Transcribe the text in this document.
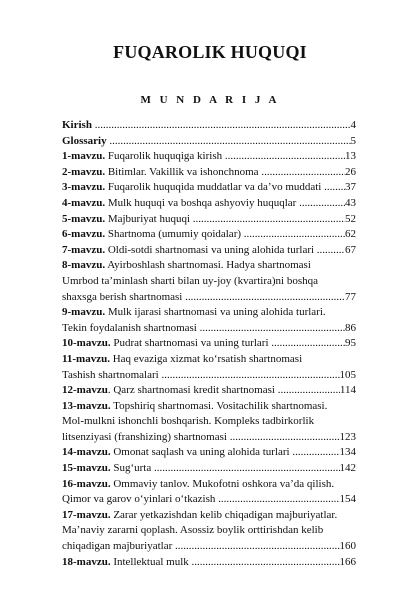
FUQAROLIK HUQUQI
M U N D A R I J A
Kirish .....	4
Glossariy .....	5
1-mavzu. Fuqarolik huquqiga kirish .....	13
2-mavzu. Bitimlar. Vakillik va ishonchnoma .....	26
3-mavzu. Fuqarolik huquqida muddatlar va da’vo muddati .....	37
4-mavzu. Mulk huquqi va boshqa ashyoviy huquqlar .....	43
5-mavzu. Majburiyat huquqi .....	52
6-mavzu. Shartnoma (umumiy qoidalar) .....	62
7-mavzu. Oldi-sotdi shartnomasi va uning alohida turlari .....	67
8-mavzu. Ayirboshlash shartnomasi. Hadya shartnomasi
Umrbod ta’minlash sharti bilan uy-joy (kvartira)ni boshqa
shaxsga berish shartnomasi .....	77
9-mavzu. Mulk ijarasi shartnomasi va uning alohida turlari.
Tekin foydalanish shartnomasi .....	86
10-mavzu. Pudrat shartnomasi va uning turlari .....	95
11-mavzu. Haq evaziga xizmat ko‘rsatish shartnomasi
Tashish shartnomalari .....	105
12-mavzu. Qarz shartnomasi kredit shartnomasi .....	114
13-mavzu. Topshiriq shartnomasi. Vositachilik shartnomasi.
Mol-mulkni ishonchli boshqarish. Kompleks tadbirkorlik
litsenziyasi (franshizing) shartnomasi .....	123
14-mavzu. Omonat saqlash va uning alohida turlari .....	134
15-mavzu. Sug‘urta .....	142
16-mavzu. Ommaviy tanlov. Mukofotni oshkora va’da qilish.
Qimor va garov o‘yinlari o‘tkazish .....	154
17-mavzu. Zarar yetkazishdan kelib chiqadigan majburiyatlar.
Ma’naviy zararni qoplash. Asossiz boylik orttirishdan kelib
chiqadigan majburiyatlar .....	160
18-mavzu. Intellektual mulk .....	166
